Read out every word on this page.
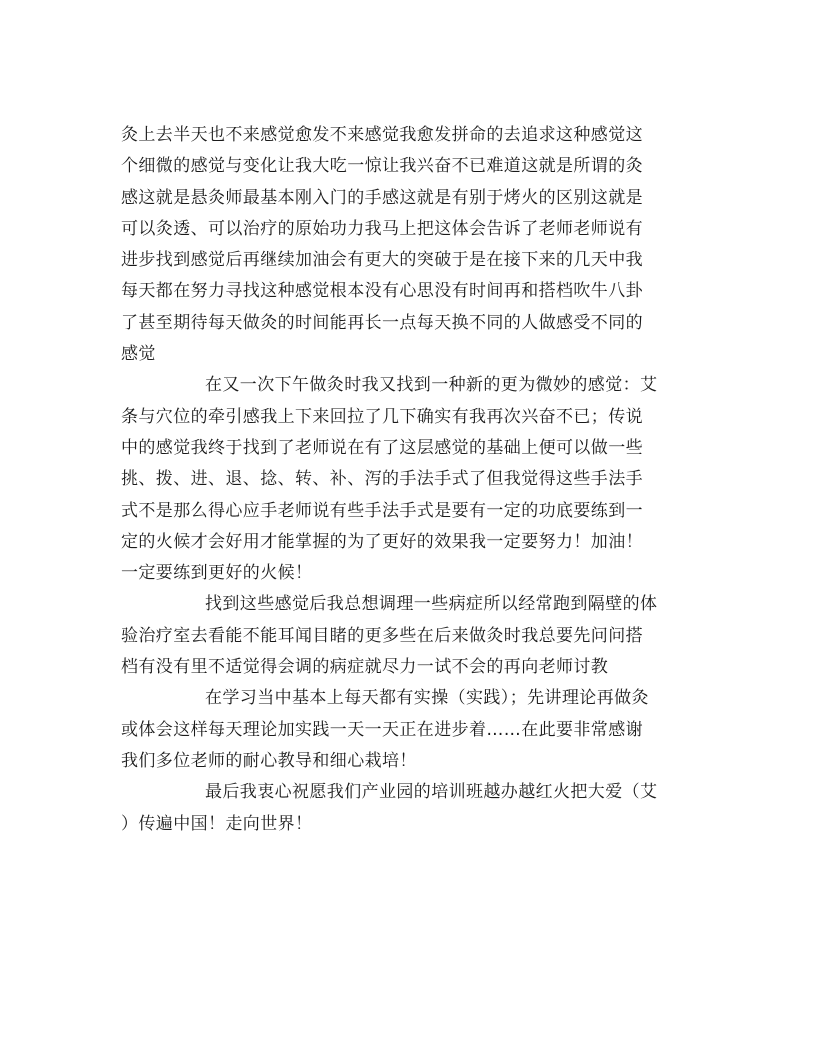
灸上去半天也不来感觉愈发不来感觉我愈发拼命的去追求这种感觉这
个细微的感觉与变化让我大吃一惊让我兴奋不已难道这就是所谓的灸
感这就是悬灸师最基本刚入门的手感这就是有别于烤火的区别这就是
可以灸透、可以治疗的原始功力我马上把这体会告诉了老师老师说有
进步找到感觉后再继续加油会有更大的突破于是在接下来的几天中我
每天都在努力寻找这种感觉根本没有心思没有时间再和搭档吹牛八卦
了甚至期待每天做灸的时间能再长一点每天换不同的人做感受不同的
感觉
在又一次下午做灸时我又找到一种新的更为微妙的感觉：艾
条与穴位的牵引感我上下来回拉了几下确实有我再次兴奋不已；传说
中的感觉我终于找到了老师说在有了这层感觉的基础上便可以做一些
挑、拨、进、退、捻、转、补、泻的手法手式了但我觉得这些手法手
式不是那么得心应手老师说有些手法手式是要有一定的功底要练到一
定的火候才会好用才能掌握的为了更好的效果我一定要努力！加油！
一定要练到更好的火候！
找到这些感觉后我总想调理一些病症所以经常跑到隔壁的体
验治疗室去看能不能耳闻目睹的更多些在后来做灸时我总要先问问搭
档有没有里不适觉得会调的病症就尽力一试不会的再向老师讨教
在学习当中基本上每天都有实操（实践）；先讲理论再做灸
或体会这样每天理论加实践一天一天正在进步着……在此要非常感谢
我们多位老师的耐心教导和细心栽培！
最后我衷心祝愿我们产业园的培训班越办越红火把大爱（艾
）传遍中国！走向世界！
